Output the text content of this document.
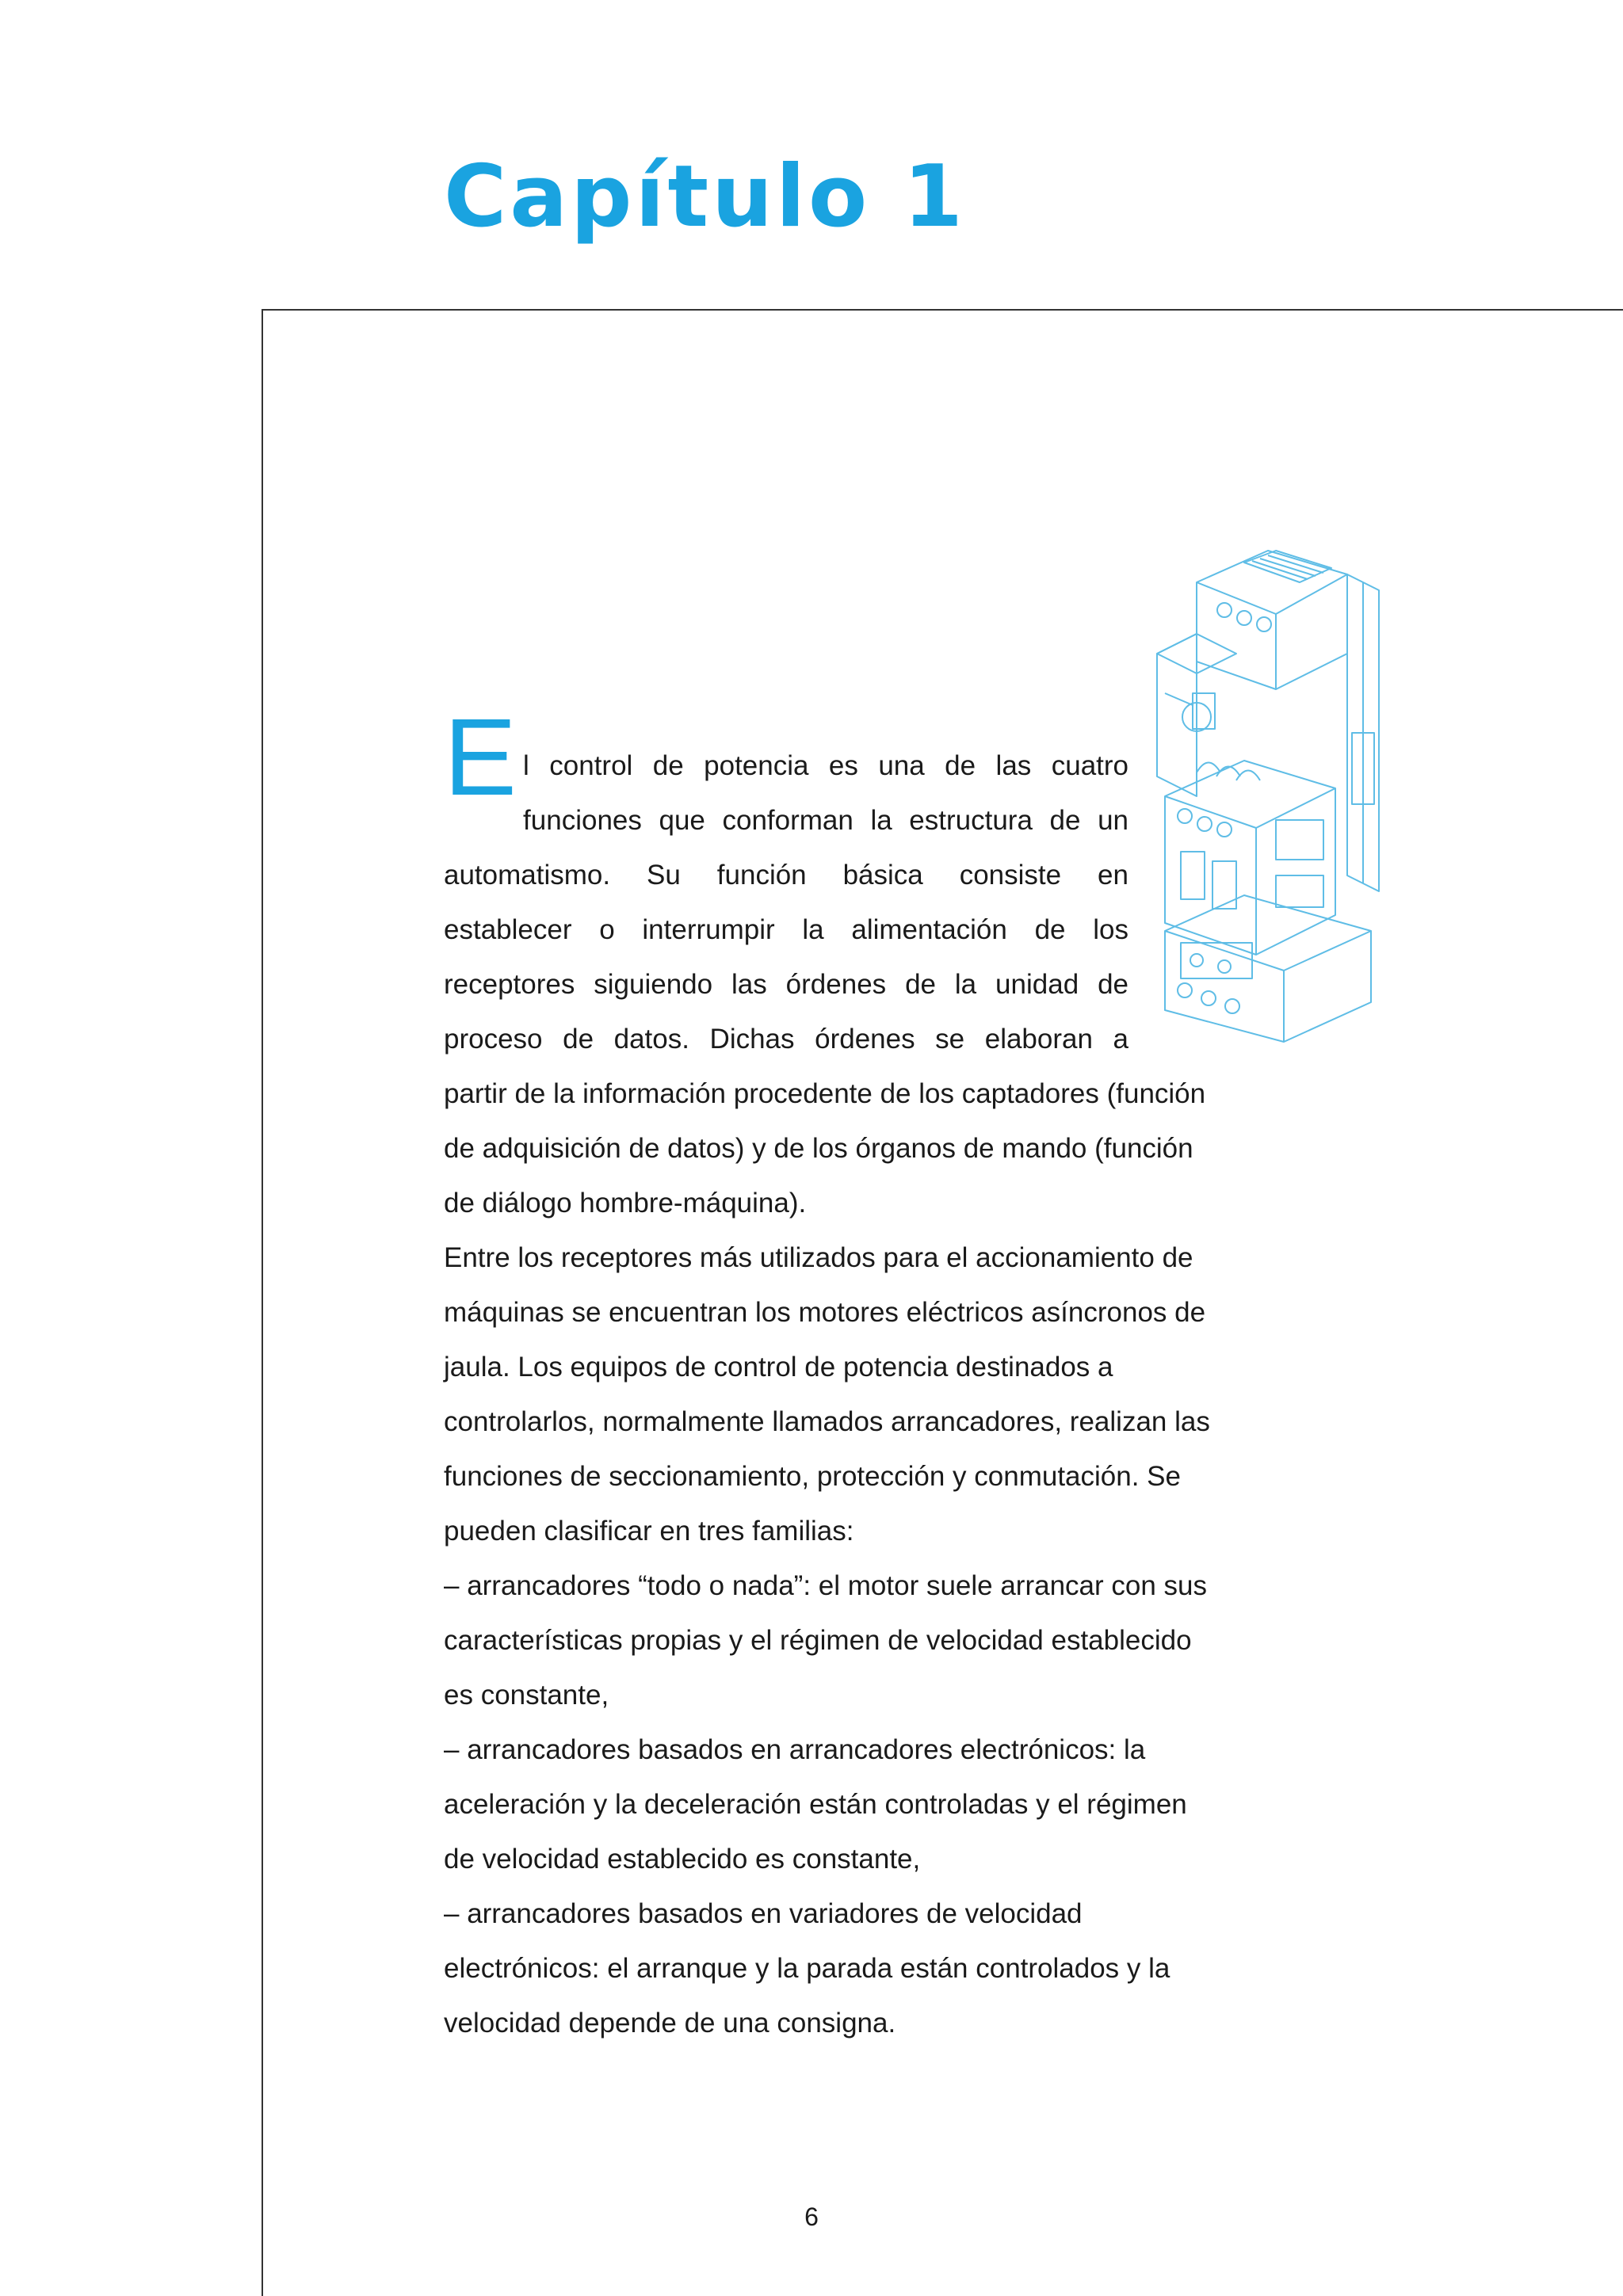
Capítulo 1
E l control de potencia es una de las cuatro
funciones que conforman la estructura de un
automatismo. Su función básica consiste en
establecer o interrumpir la alimentación de los
receptores siguiendo las órdenes de la unidad de
proceso de datos. Dichas órdenes se elaboran a
partir de la información procedente de los captadores (función
de adquisición de datos) y de los órganos de mando (función
de diálogo hombre-máquina).

Entre los receptores más utilizados para el accionamiento de

máquinas se encuentran los motores eléctricos asíncronos de

jaula. Los equipos de control de potencia destinados a

controlarlos, normalmente llamados arrancadores, realizan las

funciones de seccionamiento, protección y conmutación. Se

pueden clasificar en tres familias:

– arrancadores “todo o nada”: el motor suele arrancar con sus

características propias y el régimen de velocidad establecido

es constante,

– arrancadores basados en arrancadores electrónicos: la

aceleración y la deceleración están controladas y el régimen

de velocidad establecido es constante,

– arrancadores basados en variadores de velocidad

electrónicos: el arranque y la parada están controlados y la

velocidad depende de una consigna.

6
